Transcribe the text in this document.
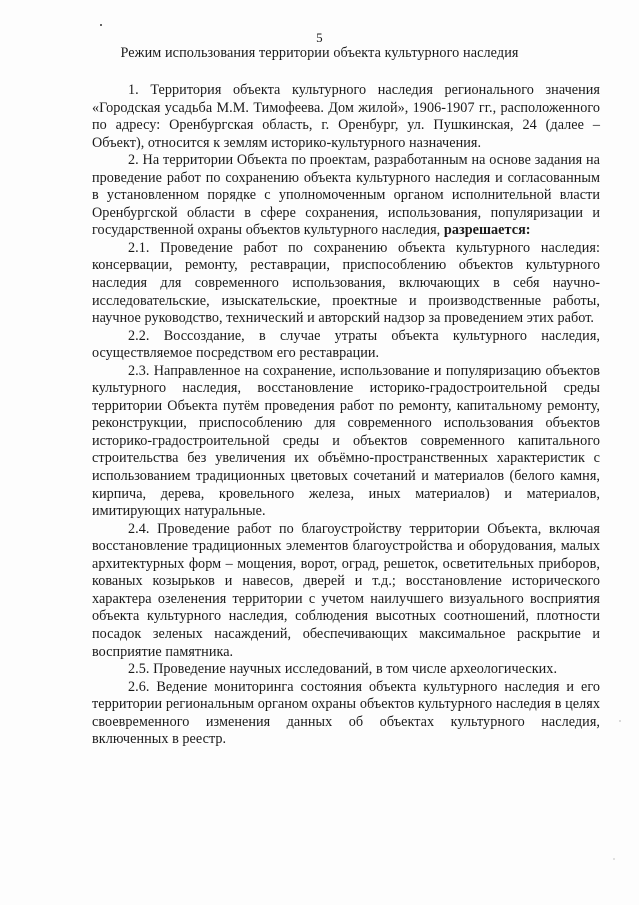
5
Режим использования территории объекта культурного наследия

1. Территория объекта культурного наследия регионального значения «Городская усадьба М.М. Тимофеева. Дом жилой», 1906-1907 гг., расположенного по адресу: Оренбургская область, г. Оренбург, ул. Пушкинская, 24 (далее – Объект), относится к землям историко-культурного назначения.

2. На территории Объекта по проектам, разработанным на основе задания на проведение работ по сохранению объекта культурного наследия и согласованным в установленном порядке с уполномоченным органом исполнительной власти Оренбургской области в сфере сохранения, использования, популяризации и государственной охраны объектов культурного наследия, разрешается:

2.1. Проведение работ по сохранению объекта культурного наследия: консервации, ремонту, реставрации, приспособлению объектов культурного наследия для современного использования, включающих в себя научно-исследовательские, изыскательские, проектные и производственные работы, научное руководство, технический и авторский надзор за проведением этих работ.

2.2. Воссоздание, в случае утраты объекта культурного наследия, осуществляемое посредством его реставрации.

2.3. Направленное на сохранение, использование и популяризацию объектов культурного наследия, восстановление историко-градостроительной среды территории Объекта путём проведения работ по ремонту, капитальному ремонту, реконструкции, приспособлению для современного использования объектов историко-градостроительной среды и объектов современного капитального строительства без увеличения их объёмно-пространственных характеристик с использованием традиционных цветовых сочетаний и материалов (белого камня, кирпича, дерева, кровельного железа, иных материалов) и материалов, имитирующих натуральные.

2.4. Проведение работ по благоустройству территории Объекта, включая восстановление традиционных элементов благоустройства и оборудования, малых архитектурных форм – мощения, ворот, оград, решеток, осветительных приборов, кованых козырьков и навесов, дверей и т.д.; восстановление исторического характера озеленения территории с учетом наилучшего визуального восприятия объекта культурного наследия, соблюдения высотных соотношений, плотности посадок зеленых насаждений, обеспечивающих максимальное раскрытие и восприятие памятника.

2.5. Проведение научных исследований, в том числе археологических.

2.6. Ведение мониторинга состояния объекта культурного наследия и его территории региональным органом охраны объектов культурного наследия в целях своевременного изменения данных об объектах культурного наследия, включенных в реестр.
